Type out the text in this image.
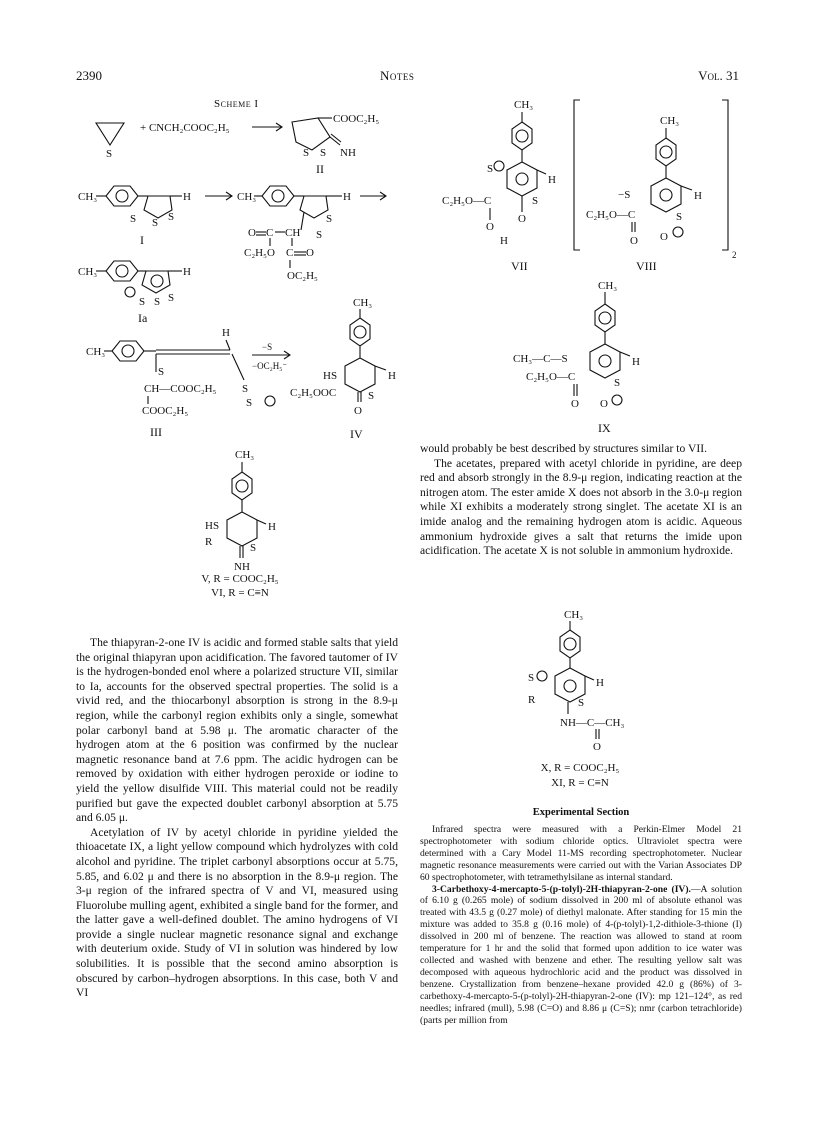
2390	Notes	Vol. 31
Scheme I
S
+ CNCH₂COOC₂H₅
COOC₂H₅
NH
S S
II
CH₃	H
S S S
I
CH₃	H
S
S
O C CH
C₂H₅O C O
OC₂H₅
CH₃	H
S S S
Ia
CH₃
H
S
S
S
CH—COOC₂H₅
COOC₂H₅
III
−S
−OC₂H₅⁻
CH₃
HS	H
C₂H₅OOC	S
O
IV
CH₃
S
H
C₂H₅O—C	S
O
O
H
VII
2
CH₃
−S	H
C₂H₅O—C	S
O O
VIII
CH₃
CH₃—C—S	H
C₂H₅O—C	S
O O
IX
CH₃
HS	H
R	S
NH
V, R = COOC₂H₅
VI, R = C≡N

would probably be best described by structures similar to VII.

The acetates, prepared with acetyl chloride in pyridine, are deep red and absorb strongly in the 8.9-μ region, indicating reaction at the nitrogen atom. The ester amide X does not absorb in the 3.0-μ region while XI exhibits a moderately strong singlet. The acetate XI is an imide analog and the remaining hydrogen atom is acidic. Aqueous ammonium hydroxide gives a salt that returns the imide upon acidification. The acetate X is not soluble in ammonium hydroxide.

CH₃
S	H
R	S
NH—C—CH₃
O
X, R = COOC₂H₅
XI, R = C≡N

The thiapyran-2-one IV is acidic and formed stable salts that yield the original thiapyran upon acidification. The favored tautomer of IV is the hydrogen-bonded enol where a polarized structure VII, similar to Ia, accounts for the observed spectral properties. The solid is a vivid red, and the thiocarbonyl absorption is strong in the 8.9-μ region, while the carbonyl region exhibits only a single, somewhat polar carbonyl band at 5.98 μ. The aromatic character of the hydrogen atom at the 6 position was confirmed by the nuclear magnetic resonance band at 7.6 ppm. The acidic hydrogen can be removed by oxidation with either hydrogen peroxide or iodine to yield the yellow disulfide VIII. This material could not be readily purified but gave the expected doublet carbonyl absorption at 5.75 and 6.05 μ.

Acetylation of IV by acetyl chloride in pyridine yielded the thioacetate IX, a light yellow compound which hydrolyzes with cold alcohol and pyridine. The triplet carbonyl absorptions occur at 5.75, 5.85, and 6.02 μ and there is no absorption in the 8.9-μ region. The 3-μ region of the infrared spectra of V and VI, measured using Fluorolube mulling agent, exhibited a single band for the former, and the latter gave a well-defined doublet. The amino hydrogens of VI provide a single nuclear magnetic resonance signal and exchange with deuterium oxide. Study of VI in solution was hindered by low solubilities. It is possible that the second amino absorption is obscured by carbon–hydrogen absorptions. In this case, both V and VI

Experimental Section

Infrared spectra were measured with a Perkin-Elmer Model 21 spectrophotometer with sodium chloride optics. Ultraviolet spectra were determined with a Cary Model 11-MS recording spectrophotometer. Nuclear magnetic resonance measurements were carried out with the Varian Associates DP 60 spectrophotometer, with tetramethylsilane as internal standard.

3-Carbethoxy-4-mercapto-5-(p-tolyl)-2H-thiapyran-2-one (IV).—A solution of 6.10 g (0.265 mole) of sodium dissolved in 200 ml of absolute ethanol was treated with 43.5 g (0.27 mole) of diethyl malonate. After standing for 15 min the mixture was added to 35.8 g (0.16 mole) of 4-(p-tolyl)-1,2-dithiole-3-thione (I) dissolved in 200 ml of benzene. The reaction was allowed to stand at room temperature for 1 hr and the solid that formed upon addition to ice water was collected and washed with benzene and ether. The resulting yellow salt was decomposed with aqueous hydrochloric acid and the product was dissolved in benzene. Crystallization from benzene–hexane provided 42.0 g (86%) of 3-carbethoxy-4-mercapto-5-(p-tolyl)-2H-thiapyran-2-one (IV): mp 121–124°, as red needles; infrared (mull), 5.98 (C=O) and 8.86 μ (C=S); nmr (carbon tetrachloride) (parts per million from
